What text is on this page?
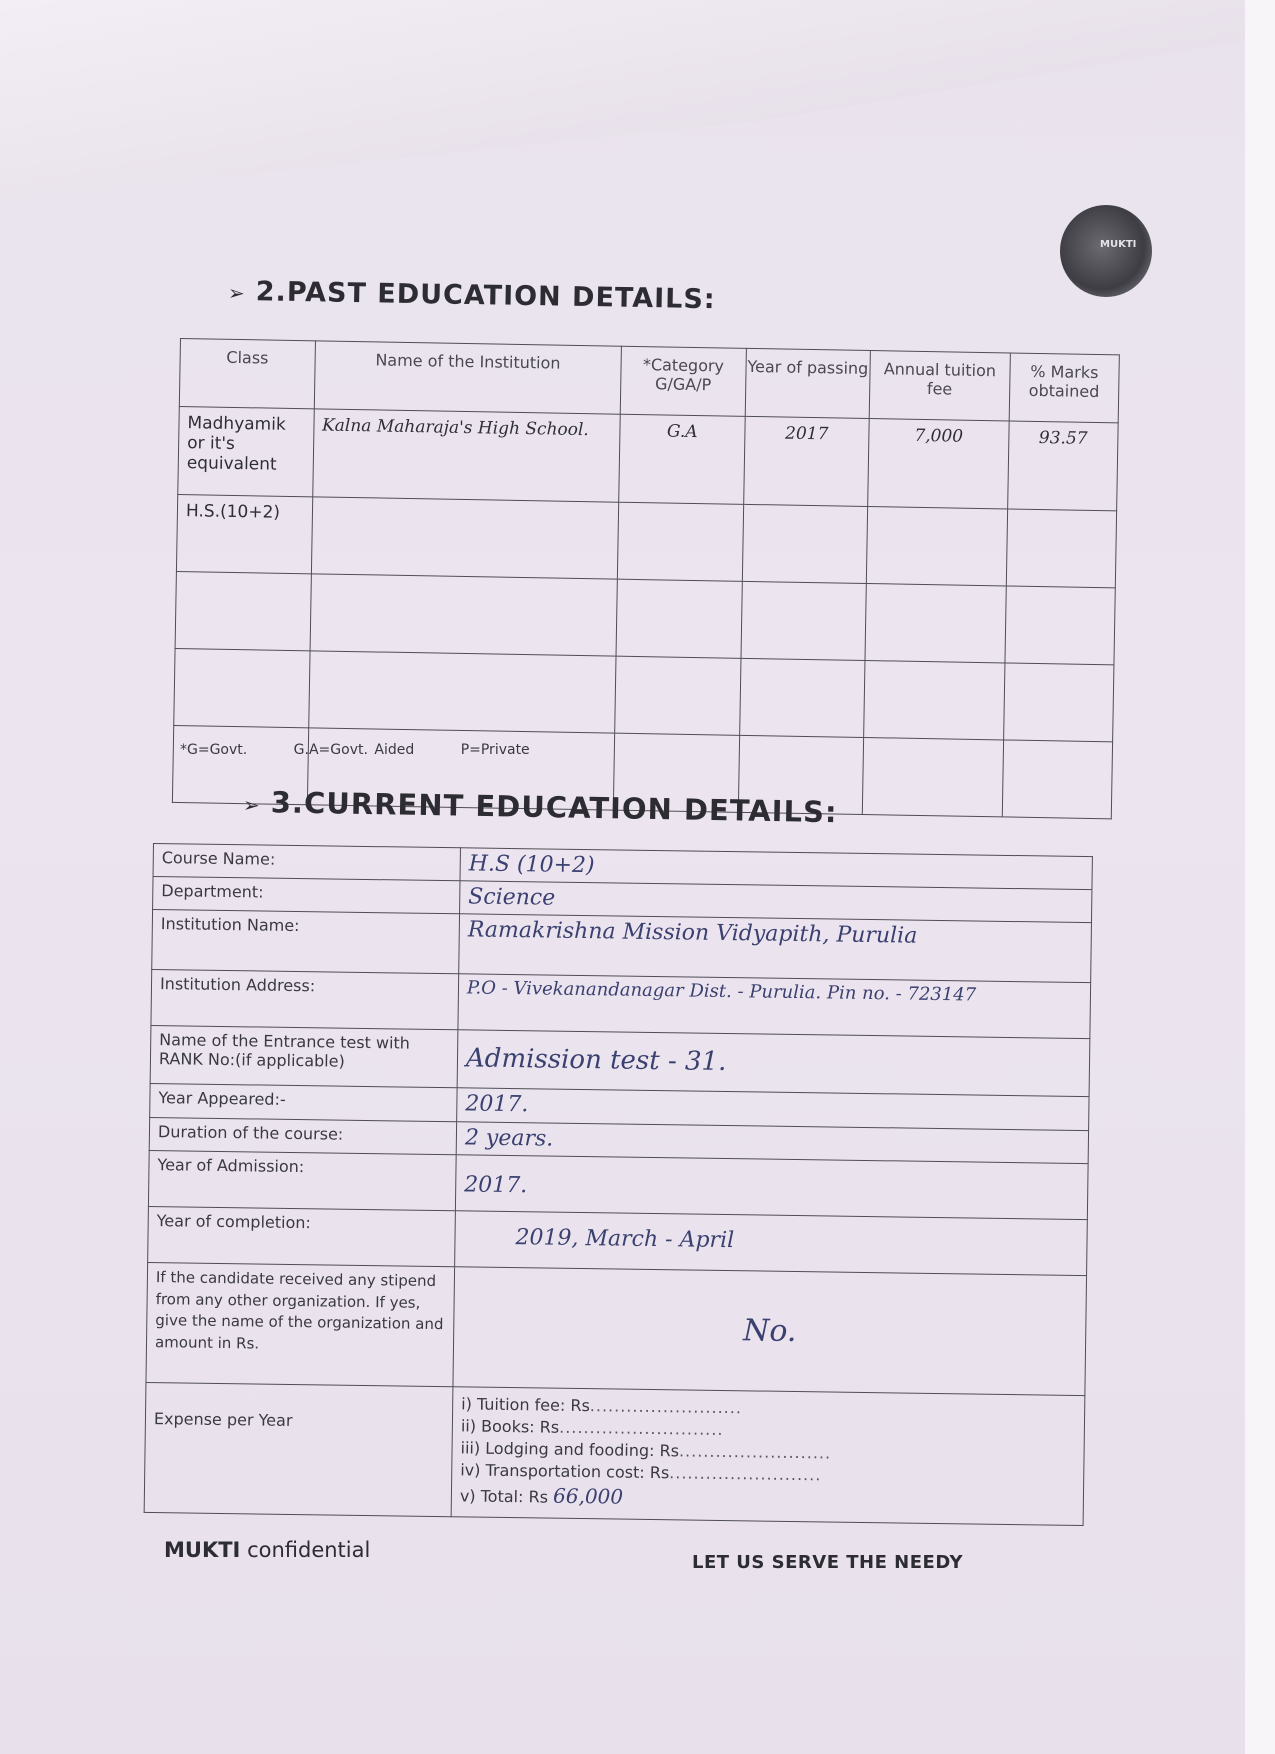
MUKTI
➢ 2.PAST EDUCATION DETAILS:
Class	Name of the Institution	*Category G/GA/P	Year of passing	Annual tuition fee	% Marks obtained
Madhyamik or it's equivalent	Kalna Maharaja's High School.	G.A	2017	7,000	93.57
H.S.(10+2)					

*G=Govt.	G.A=Govt. Aided	P=Private
➢ 3.CURRENT EDUCATION DETAILS:
Course Name:	H.S (10+2)
Department:	Science
Institution Name:	Ramakrishna Mission Vidyapith, Purulia
Institution Address:	P.O - Vivekanandanagar Dist. - Purulia. Pin no. - 723147
Name of the Entrance test with RANK No:(if applicable)	Admission test - 31.
Year Appeared:-	2017.
Duration of the course:	2 years.
Year of Admission:	2017.
Year of completion:	2019, March - April
If the candidate received any stipend from any other organization. If yes, give the name of the organization and amount in Rs.	No.
Expense per Year	i) Tuition fee: Rs.........................
ii) Books: Rs...........................
iii) Lodging and fooding: Rs.........................
iv) Transportation cost: Rs.........................
v) Total: Rs 66,000
MUKTI confidential
LET US SERVE THE NEEDY
